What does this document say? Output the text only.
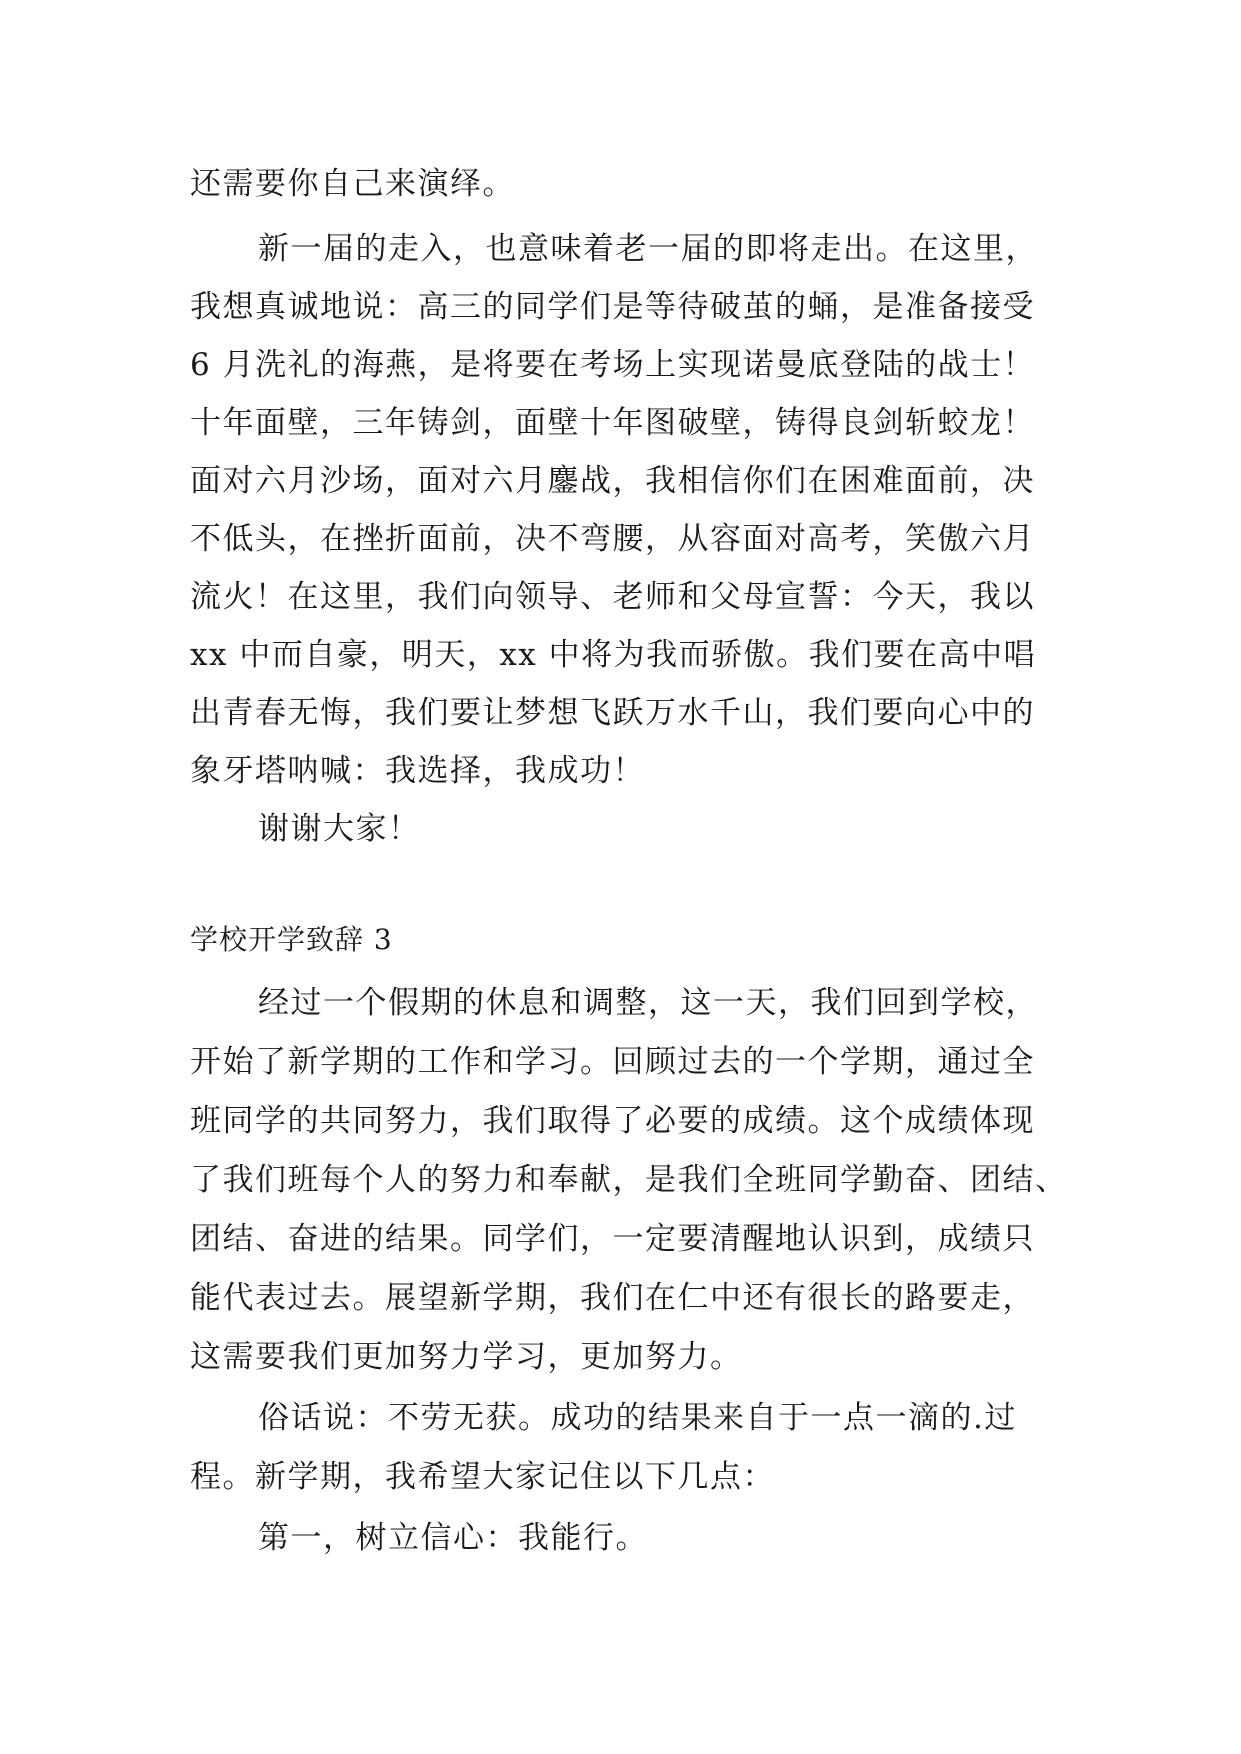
还需要你自己来演绎。
新一届的走入，也意味着老一届的即将走出。在这里，
我想真诚地说：高三的同学们是等待破茧的蛹，是准备接受
6 月洗礼的海燕，是将要在考场上实现诺曼底登陆的战士！
十年面壁，三年铸剑，面壁十年图破壁，铸得良剑斩蛟龙！
面对六月沙场，面对六月鏖战，我相信你们在困难面前，决
不低头，在挫折面前，决不弯腰，从容面对高考，笑傲六月
流火！在这里，我们向领导、老师和父母宣誓：今天，我以
xx 中而自豪，明天，xx 中将为我而骄傲。我们要在高中唱
出青春无悔，我们要让梦想飞跃万水千山，我们要向心中的
象牙塔呐喊：我选择，我成功！
谢谢大家！
学校开学致辞 3
经过一个假期的休息和调整，这一天，我们回到学校，
开始了新学期的工作和学习。回顾过去的一个学期，通过全
班同学的共同努力，我们取得了必要的成绩。这个成绩体现
了我们班每个人的努力和奉献，是我们全班同学勤奋、团结、
团结、奋进的结果。同学们，一定要清醒地认识到，成绩只
能代表过去。展望新学期，我们在仁中还有很长的路要走，
这需要我们更加努力学习，更加努力。
俗话说：不劳无获。成功的结果来自于一点一滴的.过
程。新学期，我希望大家记住以下几点：
第一，树立信心：我能行。
